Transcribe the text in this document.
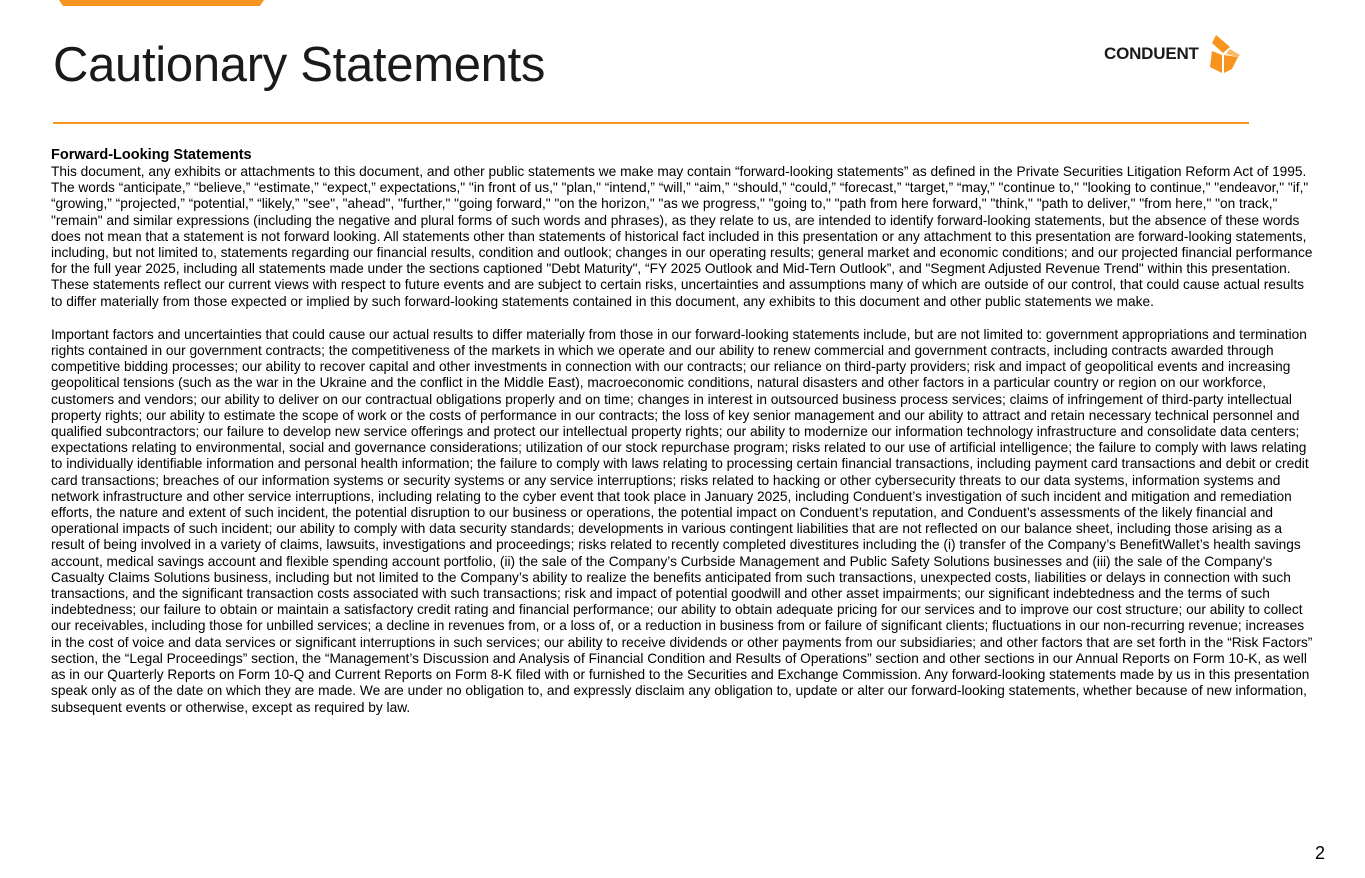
Cautionary Statements	CONDUENT
Forward-Looking Statements

This document, any exhibits or attachments to this document, and other public statements we make may contain “forward-looking statements” as defined in the Private Securities Litigation Reform Act of 1995. The words “anticipate,” “believe,” “estimate,” “expect,” expectations," "in front of us," "plan," “intend,” “will,” “aim,” “should,” “could,” “forecast,” “target,” “may,” "continue to," "looking to continue," "endeavor," "if," “growing,” “projected,” “potential,” “likely,” "see", "ahead", "further," "going forward," "on the horizon," "as we progress," "going to," "path from here forward," "think," "path to deliver," "from here," "on track," "remain" and similar expressions (including the negative and plural forms of such words and phrases), as they relate to us, are intended to identify forward-looking statements, but the absence of these words does not mean that a statement is not forward looking. All statements other than statements of historical fact included in this presentation or any attachment to this presentation are forward-looking statements, including, but not limited to, statements regarding our financial results, condition and outlook; changes in our operating results; general market and economic conditions; and our projected financial performance for the full year 2025, including all statements made under the sections captioned "Debt Maturity", “FY 2025 Outlook and Mid-Tern Outlook”, and "Segment Adjusted Revenue Trend" within this presentation. These statements reflect our current views with respect to future events and are subject to certain risks, uncertainties and assumptions many of which are outside of our control, that could cause actual results to differ materially from those expected or implied by such forward-looking statements contained in this document, any exhibits to this document and other public statements we make.

Important factors and uncertainties that could cause our actual results to differ materially from those in our forward-looking statements include, but are not limited to: government appropriations and termination rights contained in our government contracts; the competitiveness of the markets in which we operate and our ability to renew commercial and government contracts, including contracts awarded through competitive bidding processes; our ability to recover capital and other investments in connection with our contracts; our reliance on third-party providers; risk and impact of geopolitical events and increasing geopolitical tensions (such as the war in the Ukraine and the conflict in the Middle East), macroeconomic conditions, natural disasters and other factors in a particular country or region on our workforce, customers and vendors; our ability to deliver on our contractual obligations properly and on time; changes in interest in outsourced business process services; claims of infringement of third-party intellectual property rights; our ability to estimate the scope of work or the costs of performance in our contracts; the loss of key senior management and our ability to attract and retain necessary technical personnel and qualified subcontractors; our failure to develop new service offerings and protect our intellectual property rights; our ability to modernize our information technology infrastructure and consolidate data centers; expectations relating to environmental, social and governance considerations; utilization of our stock repurchase program; risks related to our use of artificial intelligence; the failure to comply with laws relating to individually identifiable information and personal health information; the failure to comply with laws relating to processing certain financial transactions, including payment card transactions and debit or credit card transactions; breaches of our information systems or security systems or any service interruptions; risks related to hacking or other cybersecurity threats to our data systems, information systems and network infrastructure and other service interruptions, including relating to the cyber event that took place in January 2025, including Conduent’s investigation of such incident and mitigation and remediation efforts, the nature and extent of such incident, the potential disruption to our business or operations, the potential impact on Conduent’s reputation, and Conduent’s assessments of the likely financial and operational impacts of such incident; our ability to comply with data security standards; developments in various contingent liabilities that are not reflected on our balance sheet, including those arising as a result of being involved in a variety of claims, lawsuits, investigations and proceedings; risks related to recently completed divestitures including the (i) transfer of the Company’s BenefitWallet’s health savings account, medical savings account and flexible spending account portfolio, (ii) the sale of the Company’s Curbside Management and Public Safety Solutions businesses and (iii) the sale of the Company's Casualty Claims Solutions business, including but not limited to the Company’s ability to realize the benefits anticipated from such transactions, unexpected costs, liabilities or delays in connection with such transactions, and the significant transaction costs associated with such transactions; risk and impact of potential goodwill and other asset impairments; our significant indebtedness and the terms of such indebtedness; our failure to obtain or maintain a satisfactory credit rating and financial performance; our ability to obtain adequate pricing for our services and to improve our cost structure; our ability to collect our receivables, including those for unbilled services; a decline in revenues from, or a loss of, or a reduction in business from or failure of significant clients; fluctuations in our non-recurring revenue; increases in the cost of voice and data services or significant interruptions in such services; our ability to receive dividends or other payments from our subsidiaries; and other factors that are set forth in the “Risk Factors” section, the “Legal Proceedings” section, the “Management’s Discussion and Analysis of Financial Condition and Results of Operations” section and other sections in our Annual Reports on Form 10-K, as well as in our Quarterly Reports on Form 10-Q and Current Reports on Form 8-K filed with or furnished to the Securities and Exchange Commission. Any forward-looking statements made by us in this presentation speak only as of the date on which they are made. We are under no obligation to, and expressly disclaim any obligation to, update or alter our forward-looking statements, whether because of new information, subsequent events or otherwise, except as required by law.

2
